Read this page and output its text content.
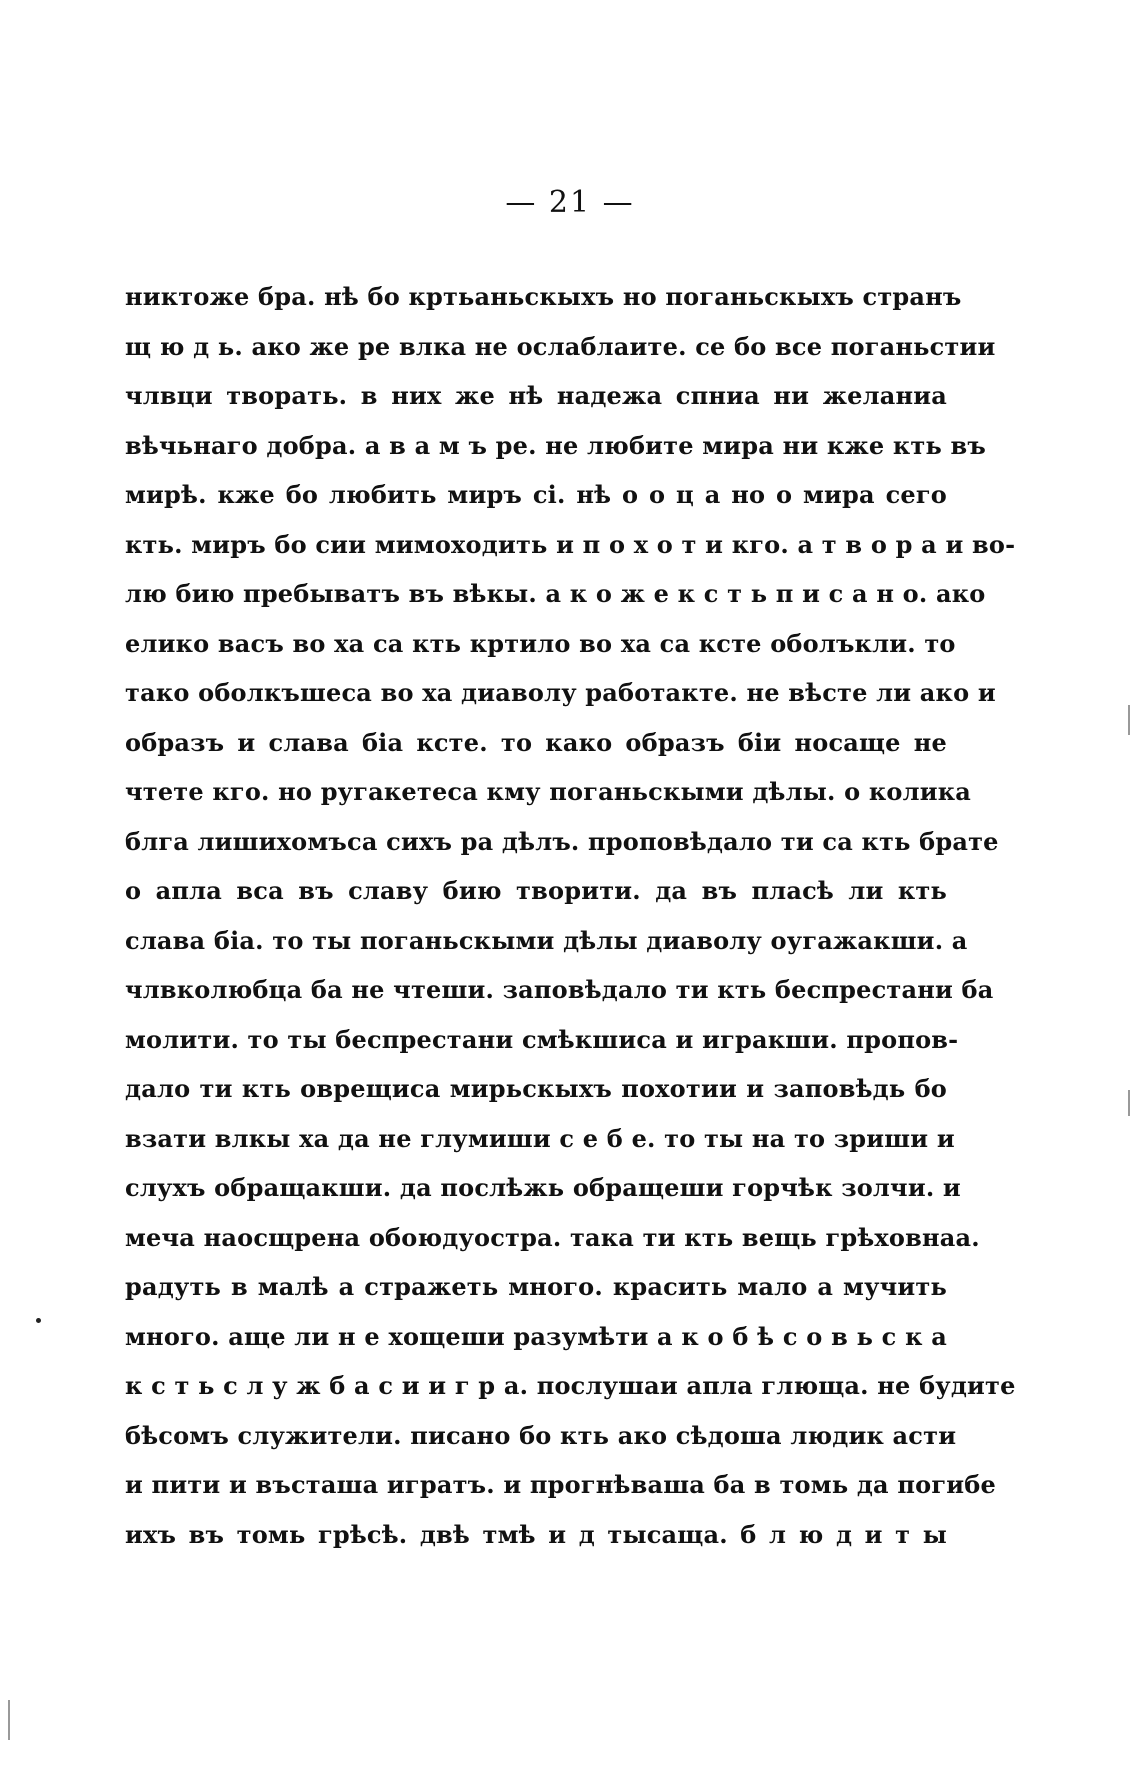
— 21 —
никтоже бра. нѣ бо кртьаньскыхъ но поганьскыхъ странъ
щ ю д ь. ако же ре влка не ослаблаите. се бо все поганьстии
члвци творать. в них же нѣ надежа спниа ни желаниа
вѣчьнаго добра. а в а м ъ ре. не любите мира ни кже кть въ
мирѣ. кже бо любить миръ сі. нѣ о о ц а но о мира сего
кть. миръ бо сии мимоходить и п о х о т и кго. а т в о р а и во-
лю бию пребыватъ въ вѣкы. а к о ж е к с т ь п и с а н о. ако
елико васъ во ха са кть кртило во ха са ксте оболъкли. то
тако оболкъшеса во ха диаволу работакте. не вѣсте ли ако и
образъ и слава біа ксте. то како образъ біи носаще не
чтете кго. но ругакетеса кму поганьскыми дѣлы. о колика
блга лишихомъса сихъ ра дѣлъ. проповѣдало ти са кть брате
о апла вса въ славу бию творити. да въ пласѣ ли кть
слава біа. то ты поганьскыми дѣлы диаволу оугажакши. а
члвколюбца ба не чтеши. заповѣдало ти кть беспрестани ба
молити. то ты беспрестани смѣкшиса и игракши. пропов-
дало ти кть оврещиса мирьскыхъ похотии и заповѣдь бо
взати влкы ха да не глумиши с е б е. то ты на то зриши и
слухъ обращакши. да послѣжь обращеши горчѣк золчи. и
меча наосщрена обоюдуостра. така ти кть вещь грѣховнаа.
радуть в малѣ а стражеть много. красить мало а мучить
много. аще ли н е хощеши разумѣти а к о б ѣ с о в ь с к а
к с т ь с л у ж б а с и и г р а. послушаи апла глюща. не будите
бѣсомъ служители. писано бо кть ако сѣдоша людик асти
и пити и въсташа игратъ. и прогнѣваша ба в томь да погибе
ихъ въ томь грѣсѣ. двѣ тмѣ и д тысаща. б л ю д и т ы
